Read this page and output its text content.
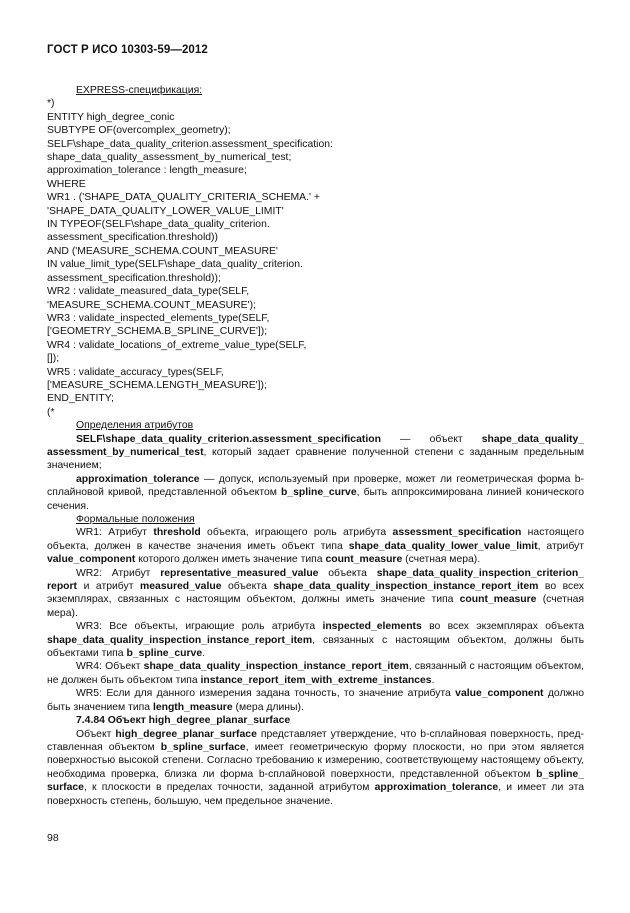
ГОСТ Р ИСО 10303-59—2012
EXPRESS-спецификация:
*)
ENTITY high_degree_conic
SUBTYPE OF(overcomplex_geometry);
SELF\shape_data_quality_criterion.assessment_specification:
shape_data_quality_assessment_by_numerical_test;
approximation_tolerance : length_measure;
WHERE
WR1 . ('SHAPE_DATA_QUALITY_CRITERIA_SCHEMA.' +
'SHAPE_DATA_QUALITY_LOWER_VALUE_LIMIT'
IN TYPEOF(SELF\shape_data_quality_criterion.
assessment_specification.threshold))
AND ('MEASURE_SCHEMA.COUNT_MEASURE'
IN value_limit_type(SELF\shape_data_quality_criterion.
assessment_specification.threshold));
WR2 : validate_measured_data_type(SELF,
'MEASURE_SCHEMA.COUNT_MEASURE');
WR3 : validate_inspected_elements_type(SELF,
['GEOMETRY_SCHEMA.B_SPLINE_CURVE']);
WR4 : validate_locations_of_extreme_value_type(SELF,
[]);
WR5 : validate_accuracy_types(SELF,
['MEASURE_SCHEMA.LENGTH_MEASURE']);
END_ENTITY;
(*
Определения атрибутов
SELF\shape_data_quality_criterion.assessment_specification — объект shape_data_quality_ assessment_by_numerical_test, который задает сравнение полученной степени с заданным предельным значением;
approximation_tolerance — допуск, используемый при проверке, может ли геометрическая форма b-сплайновой кривой, представленной объектом b_spline_curve, быть аппроксимирована линией конического сечения.
Формальные положения
WR1: Атрибут threshold объекта, играющего роль атрибута assessment_specification настоящего объекта, должен в качестве значения иметь объект типа shape_data_quality_lower_value_limit, атрибут value_component которого должен иметь значение типа count_measure (счетная мера).
WR2: Атрибут representative_measured_value объекта shape_data_quality_inspection_criterion_ report и атрибут measured_value объекта shape_data_quality_inspection_instance_report_item во всех экземплярах, связанных с настоящим объектом, должны иметь значение типа count_measure (счетная мера).
WR3: Все объекты, играющие роль атрибута inspected_elements во всех экземплярах объекта shape_data_quality_inspection_instance_report_item, связанных с настоящим объектом, должны быть объектами типа b_spline_curve.
WR4: Объект shape_data_quality_inspection_instance_report_item, связанный с настоящим объектом, не должен быть объектом типа instance_report_item_with_extreme_instances.
WR5: Если для данного измерения задана точность, то значение атрибута value_component должно быть значением типа length_measure (мера длины).
7.4.84 Объект high_degree_planar_surface
Объект high_degree_planar_surface представляет утверждение, что b-сплайновая поверхность, представленная объектом b_spline_surface, имеет геометрическую форму плоскости, но при этом является поверхностью высокой степени. Согласно требованию к измерению, соответствующему настоящему объекту, необходима проверка, близка ли форма b-сплайновой поверхности, представленной объектом b_spline_ surface, к плоскости в пределах точности, заданной атрибутом approximation_tolerance, и имеет ли эта поверхность степень, большую, чем предельное значение.
98
